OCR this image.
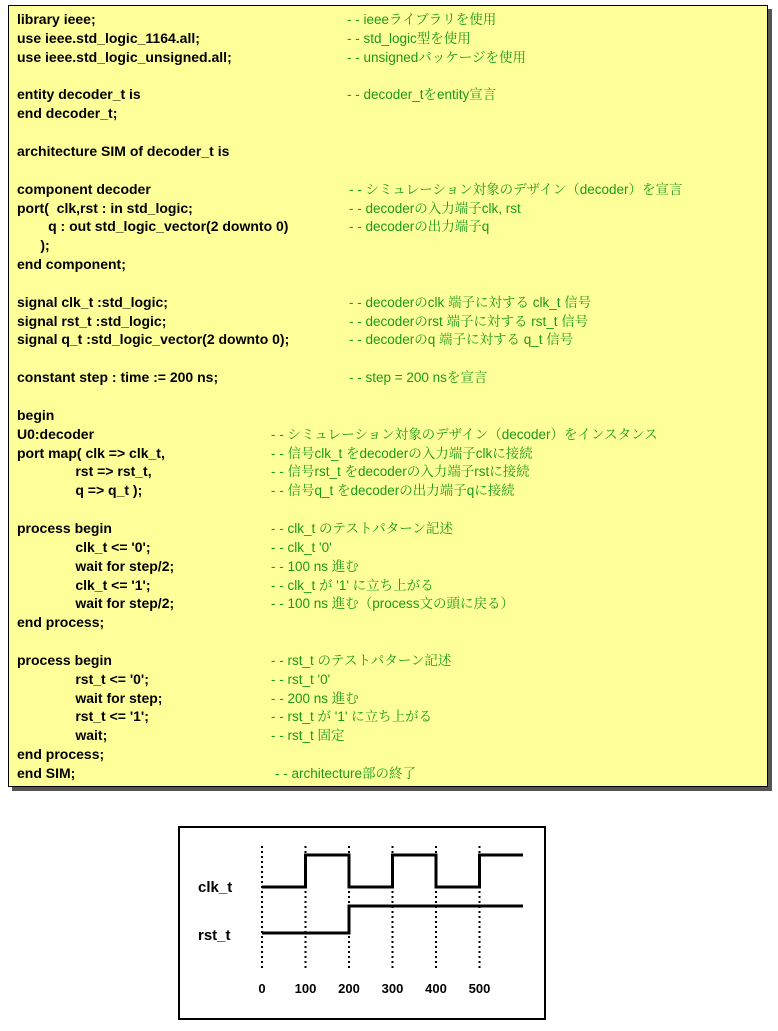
library ieee;	- - ieeeライブラリを使用
use ieee.std_logic_1164.all;	- - std_logic型を使用
use ieee.std_logic_unsigned.all;	- - unsignedパッケージを使用
entity decoder_t is	- - decoder_tをentity宣言
end decoder_t;
architecture SIM of decoder_t is
component decoder	- - シミュレーション対象のデザイン（decoder）を宣言
port(  clk,rst : in std_logic;	- - decoderの入力端子clk, rst
q : out std_logic_vector(2 downto 0)	- - decoderの出力端子q
);
end component;
signal clk_t :std_logic;	- - decoderのclk 端子に対する clk_t 信号
signal rst_t :std_logic;	- - decoderのrst 端子に対する rst_t 信号
signal q_t :std_logic_vector(2 downto 0);	- - decoderのq 端子に対する q_t 信号
constant step : time := 200 ns;	- - step = 200 nsを宣言
begin
U0:decoder	- - シミュレーション対象のデザイン（decoder）をインスタンス
port map( clk => clk_t,	- - 信号clk_t をdecoderの入力端子clkに接続
rst => rst_t,	- - 信号rst_t をdecoderの入力端子rstに接続
q => q_t );	- - 信号q_t をdecoderの出力端子qに接続
process begin	- - clk_t のテストパターン記述
clk_t <= '0';	- - clk_t '0'
wait for step/2;	- - 100 ns 進む
clk_t <= '1';	- - clk_t が '1' に立ち上がる
wait for step/2;	- - 100 ns 進む（process文の頭に戻る）
end process;
process begin	- - rst_t のテストパターン記述
rst_t <= '0';	- - rst_t '0'
wait for step;	- - 200 ns 進む
rst_t <= '1';	- - rst_t が '1' に立ち上がる
wait;	- - rst_t 固定
end process;
end SIM;	- - architecture部の終了
clk_t
rst_t
0 100 200 300 400 500
